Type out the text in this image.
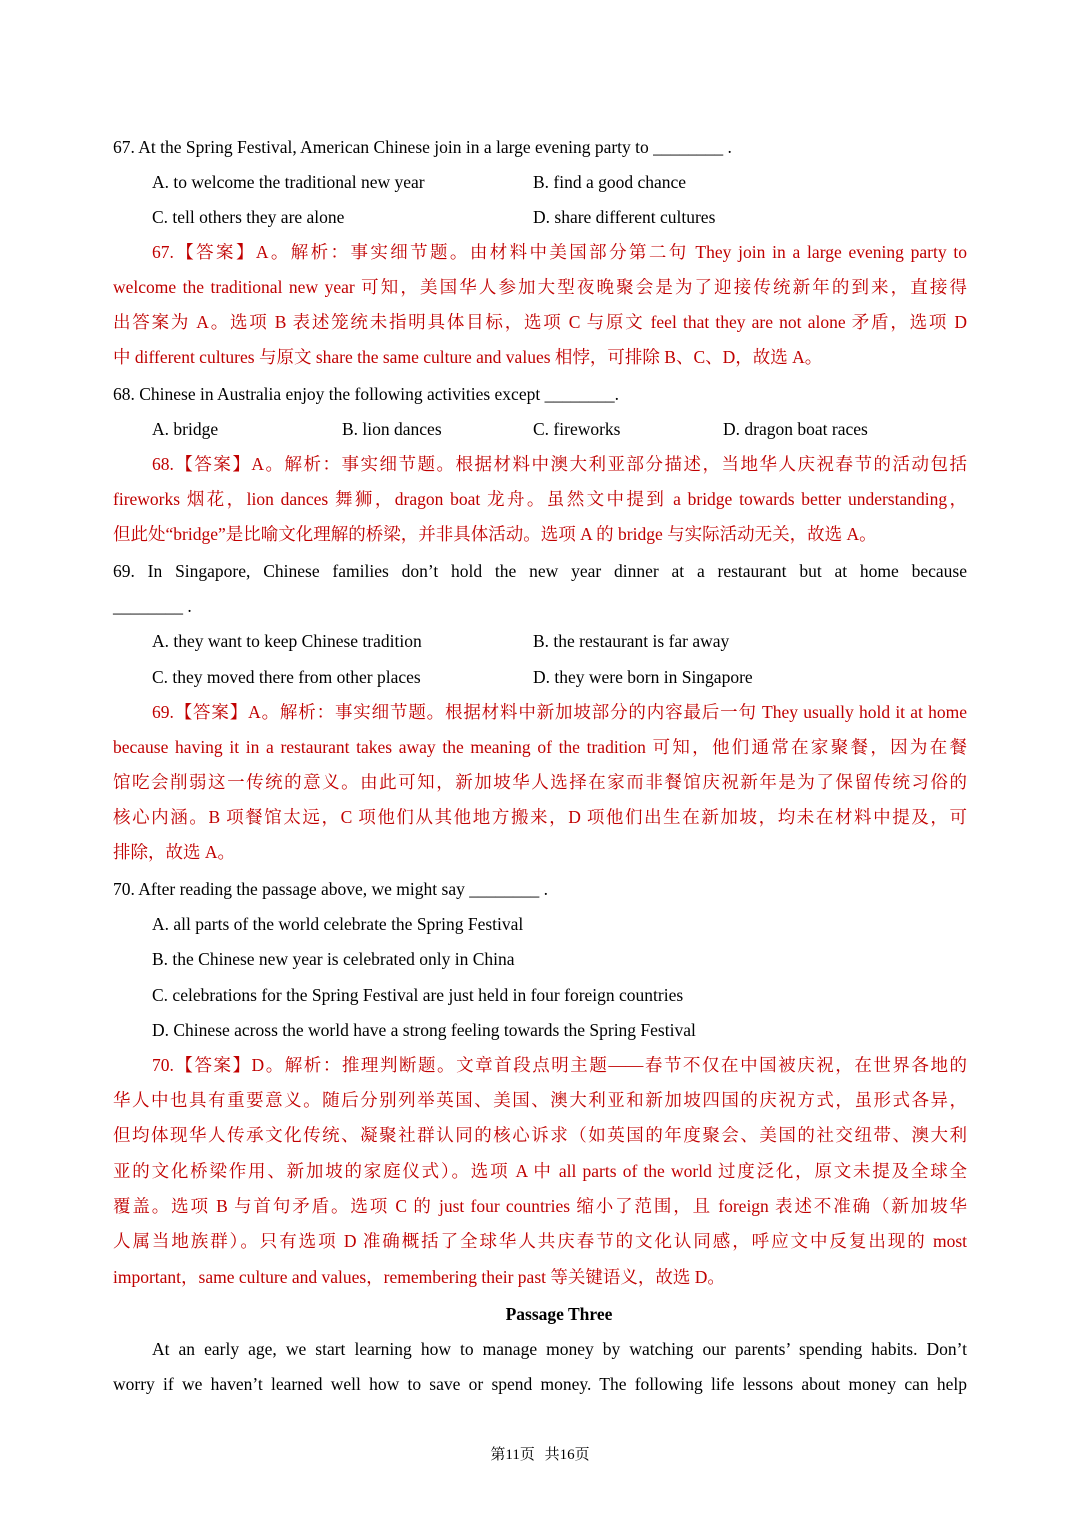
67. At the Spring Festival, American Chinese join in a large evening party to ________ .
A. to welcome the traditional new year	B. find a good chance
C. tell others they are alone	D. share different cultures
67.【答案】A。解析：事实细节题。由材料中美国部分第二句 They join in a large evening party to
welcome the traditional new year 可知，美国华人参加大型夜晚聚会是为了迎接传统新年的到来，直接得
出答案为 A。选项 B 表述笼统未指明具体目标，选项 C 与原文 feel that they are not alone 矛盾，选项 D
中 different cultures 与原文 share the same culture and values 相悖，可排除 B、C、D，故选 A。
68. Chinese in Australia enjoy the following activities except ________.
A. bridge	B. lion dances	C. fireworks	D. dragon boat races
68.【答案】A。解析：事实细节题。根据材料中澳大利亚部分描述，当地华人庆祝春节的活动包括
fireworks 烟花，lion dances 舞狮，dragon boat 龙舟。虽然文中提到 a bridge towards better understanding，
但此处“bridge”是比喻文化理解的桥梁，并非具体活动。选项 A 的 bridge 与实际活动无关，故选 A。
69. In Singapore, Chinese families don’t hold the new year dinner at a restaurant but at home because
________ .
A. they want to keep Chinese tradition	B. the restaurant is far away
C. they moved there from other places	D. they were born in Singapore
69.【答案】A。解析：事实细节题。根据材料中新加坡部分的内容最后一句 They usually hold it at home
because having it in a restaurant takes away the meaning of the tradition 可知，他们通常在家聚餐，因为在餐
馆吃会削弱这一传统的意义。由此可知，新加坡华人选择在家而非餐馆庆祝新年是为了保留传统习俗的
核心内涵。B 项餐馆太远，C 项他们从其他地方搬来，D 项他们出生在新加坡，均未在材料中提及，可
排除，故选 A。
70. After reading the passage above, we might say ________ .
A. all parts of the world celebrate the Spring Festival
B. the Chinese new year is celebrated only in China
C. celebrations for the Spring Festival are just held in four foreign countries
D. Chinese across the world have a strong feeling towards the Spring Festival
70.【答案】D。解析：推理判断题。文章首段点明主题——春节不仅在中国被庆祝，在世界各地的
华人中也具有重要意义。随后分别列举英国、美国、澳大利亚和新加坡四国的庆祝方式，虽形式各异，
但均体现华人传承文化传统、凝聚社群认同的核心诉求（如英国的年度聚会、美国的社交纽带、澳大利
亚的文化桥梁作用、新加坡的家庭仪式）。选项 A 中 all parts of the world 过度泛化，原文未提及全球全
覆盖。选项 B 与首句矛盾。选项 C 的 just four countries 缩小了范围，且 foreign 表述不准确（新加坡华
人属当地族群）。只有选项 D 准确概括了全球华人共庆春节的文化认同感，呼应文中反复出现的 most
important，same culture and values，remembering their past 等关键语义，故选 D。
Passage Three
At an early age, we start learning how to manage money by watching our parents’ spending habits. Don’t
worry if we haven’t learned well how to save or spend money. The following life lessons about money can help
第11页 共16页
